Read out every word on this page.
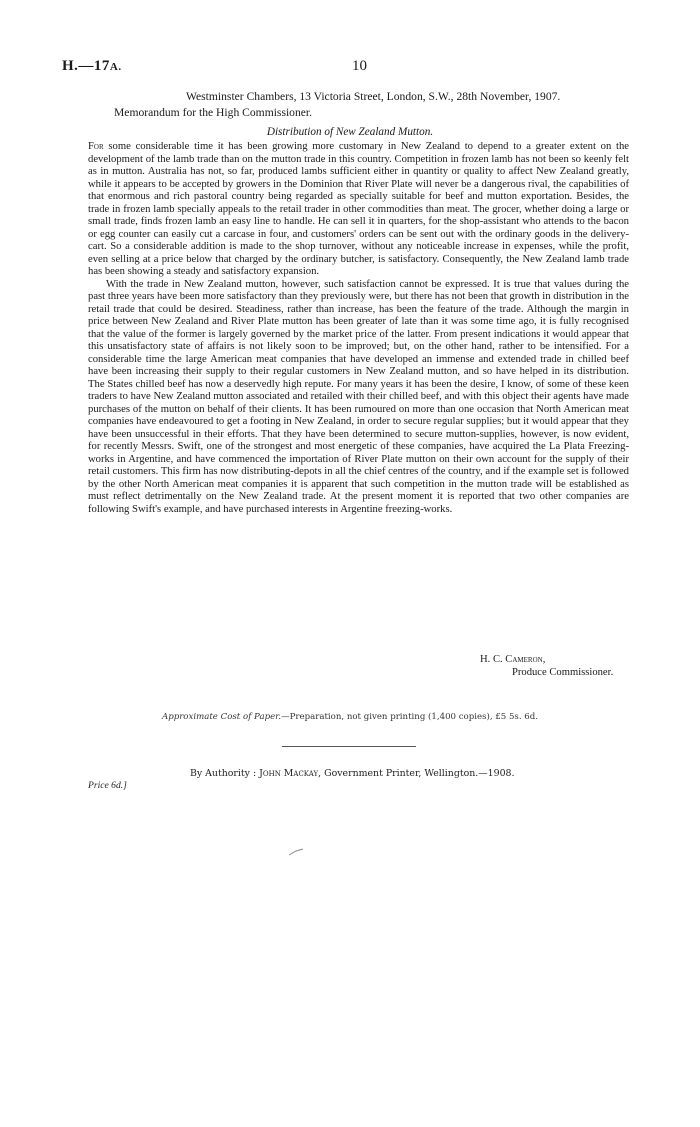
H.—17A.	10
Westminster Chambers, 13 Victoria Street, London, S.W., 28th November, 1907.
Memorandum for the High Commissioner.
Distribution of New Zealand Mutton.

For some considerable time it has been growing more customary in New Zealand to depend to a greater extent on the development of the lamb trade than on the mutton trade in this country. Competition in frozen lamb has not been so keenly felt as in mutton. Australia has not, so far, produced lambs sufficient either in quantity or quality to affect New Zealand greatly, while it appears to be accepted by growers in the Dominion that River Plate will never be a dangerous rival, the capabilities of that enormous and rich pastoral country being regarded as specially suitable for beef and mutton exportation. Besides, the trade in frozen lamb specially appeals to the retail trader in other commodities than meat. The grocer, whether doing a large or small trade, finds frozen lamb an easy line to handle. He can sell it in quarters, for the shop-assistant who attends to the bacon or egg counter can easily cut a carcase in four, and customers' orders can be sent out with the ordinary goods in the delivery-cart. So a considerable addition is made to the shop turnover, without any noticeable increase in expenses, while the profit, even selling at a price below that charged by the ordinary butcher, is satisfactory. Consequently, the New Zealand lamb trade has been showing a steady and satisfactory expansion.

With the trade in New Zealand mutton, however, such satisfaction cannot be expressed. It is true that values during the past three years have been more satisfactory than they previously were, but there has not been that growth in distribution in the retail trade that could be desired. Steadiness, rather than increase, has been the feature of the trade. Although the margin in price between New Zealand and River Plate mutton has been greater of late than it was some time ago, it is fully recognised that the value of the former is largely governed by the market price of the latter. From present indications it would appear that this unsatisfactory state of affairs is not likely soon to be improved; but, on the other hand, rather to be intensified. For a considerable time the large American meat companies that have developed an immense and extended trade in chilled beef have been increasing their supply to their regular customers in New Zealand mutton, and so have helped in its distribution. The States chilled beef has now a deservedly high repute. For many years it has been the desire, I know, of some of these keen traders to have New Zealand mutton associated and retailed with their chilled beef, and with this object their agents have made purchases of the mutton on behalf of their clients. It has been rumoured on more than one occasion that North American meat companies have endeavoured to get a footing in New Zealand, in order to secure regular supplies; but it would appear that they have been unsuccessful in their efforts. That they have been determined to secure mutton-supplies, however, is now evident, for recently Messrs. Swift, one of the strongest and most energetic of these companies, have acquired the La Plata Freezing-works in Argentine, and have commenced the importation of River Plate mutton on their own account for the supply of their retail customers. This firm has now distributing-depots in all the chief centres of the country, and if the example set is followed by the other North American meat companies it is apparent that such competition in the mutton trade will be established as must reflect detrimentally on the New Zealand trade. At the present moment it is reported that two other companies are following Swift's example, and have purchased interests in Argentine freezing-works.

H. C. Cameron,
Produce Commissioner.
Approximate Cost of Paper.—Preparation, not given printing (1,400 copies), £5 5s. 6d.
By Authority : John Mackay, Government Printer, Wellington.—1908.
Price 6d.]
